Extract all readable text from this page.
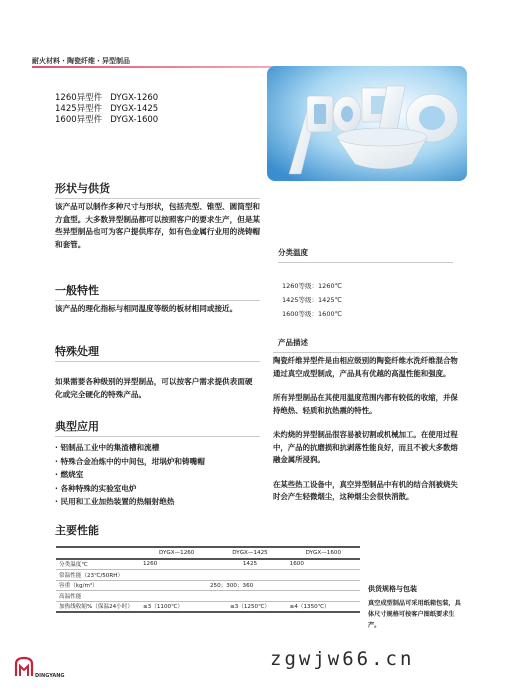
耐火材料・陶瓷纤维・异型制品
1260异型件 DYGX-1260
1425异型件 DYGX-1425
1600异型件 DYGX-1600
形状与供货
该产品可以制作多种尺寸与形状，包括壳型、锥型、圆筒型和方盒型。大多数异型制品都可以按照客户的要求生产，但是某些异型制品也可为客户提供库存，如有色金属行业用的浇铸帽和套管。
一般特性
该产品的理化指标与相同温度等级的板材相同或接近。
特殊处理
如果需要各种级别的异型制品，可以按客户需求提供表面硬化或完全硬化的特殊产品。
典型应用
· 铝制品工业中的集渣槽和流槽
· 特殊合金冶炼中的中间包，坩埚炉和铸嘴帽
· 燃烧室
· 各种特殊的实验室电炉
· 民用和工业加热装置的热辐射绝热
分类温度
1260等级：1260℃
1425等级：1425℃
1600等级：1600℃
产品描述
陶瓷纤维异型件是由相应级别的陶瓷纤维水洗纤维混合物通过真空成型制成，产品具有优越的高温性能和强度。
所有异型制品在其使用温度范围内都有较低的收缩，并保持绝热、轻质和抗热震的特性。
未灼烧的异型制品很容易被切割或机械加工。在使用过程中，产品的抗磨损和抗剥落性能良好，而且不被大多数熔融金属所浸润。
在某些热工设备中，真空异型制品中有机的结合剂被烧失时会产生轻微烟尘，这种烟尘会很快消散。
主要性能
	DYGX—1260	DYGX—1425	DYGX—1600
分类温度℃	1260	1425	1600
常温性能（23℃/50RH）			
容重（kg/m³）	250；300；360		
高温性能			
加热线收缩%（保温24小时）	≤3（1100℃）	≤3（1250℃）	≤4（1350℃）
供货规格与包装
真空成型制品可采用纸箱包装，具体尺寸规格可按客户图纸要求生产。
DINGYANG
zgwjw66.cn
